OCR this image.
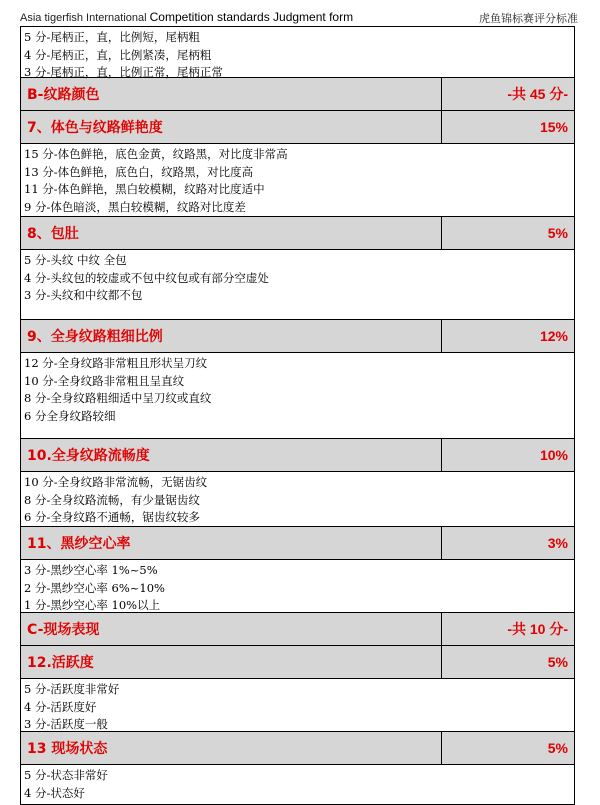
Asia tigerfish International Competition standards Judgment form	虎鱼锦标赛评分标准
5 分-尾柄正，直，比例短，尾柄粗
4 分-尾柄正，直，比例紧凑，尾柄粗
3 分-尾柄正，直，比例正常，尾柄正常
B-纹路颜色	-共 45 分-
7、体色与纹路鲜艳度	15%
15 分-体色鲜艳，底色金黄，纹路黑，对比度非常高
13 分-体色鲜艳，底色白，纹路黑，对比度高
11 分-体色鲜艳，黑白较模糊，纹路对比度适中
9 分-体色暗淡，黑白较模糊，纹路对比度差
8、包肚	5%
5 分-头纹 中纹 全包
4 分-头纹包的较虚或不包中纹包或有部分空虚处
3 分-头纹和中纹都不包
9、全身纹路粗细比例	12%
12 分-全身纹路非常粗且形状呈刀纹
10 分-全身纹路非常粗且呈直纹
8 分-全身纹路粗细适中呈刀纹或直纹
6 分全身纹路较细
10.全身纹路流畅度	10%
10 分-全身纹路非常流畅，无锯齿纹
8 分-全身纹路流畅，有少量锯齿纹
6 分-全身纹路不通畅，锯齿纹较多
11、黑纱空心率	3%
3 分-黑纱空心率 1%~5%
2 分-黑纱空心率 6%~10%
1 分-黑纱空心率 10%以上
C-现场表现	-共 10 分-
12.活跃度	5%
5 分-活跃度非常好
4 分-活跃度好
3 分-活跃度一般
13 现场状态	5%
5 分-状态非常好
4 分-状态好
